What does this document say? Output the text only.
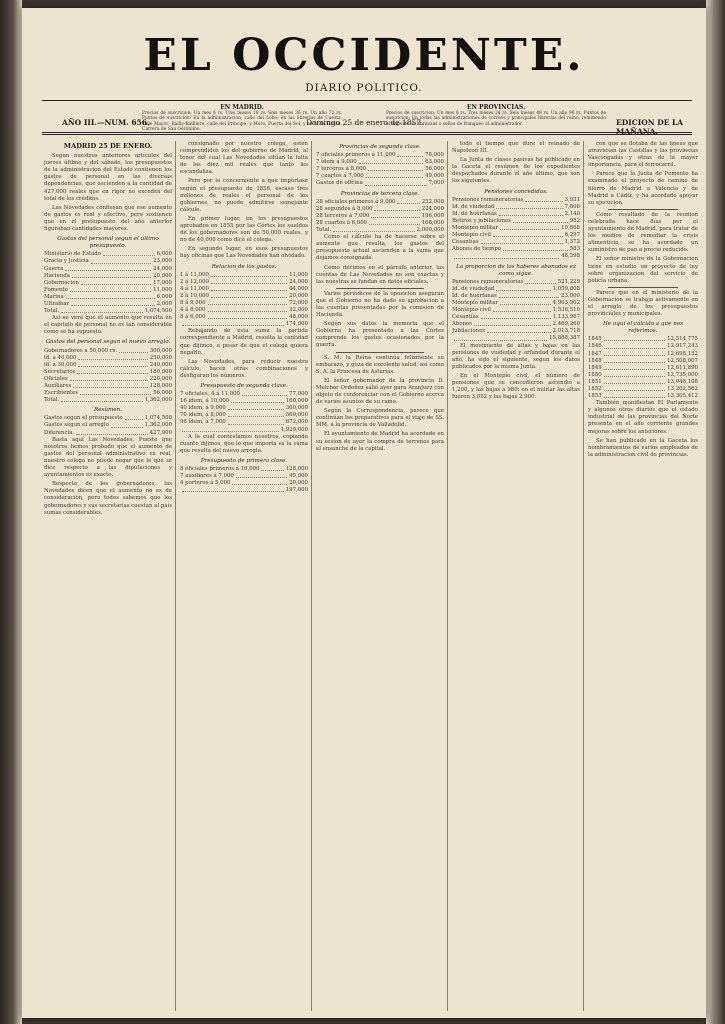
EL OCCIDENTE.
DIARIO POLITICO.
EN MADRID.
Precios de suscricion: Un mes 6 rs. Tres meses 18 rs. Seis meses 36 rs. Un año 72 rs. Puntos de suscricion: En la administracion, calle del Lobo; en las librerías de Cuesta, calle Mayor; Bailly-Bailliere, calle del Principe; y Moro, Puerta del Sol; y en la de Durán, Carrera de San Gerónimo.
EN PROVINCIAS.
Precios de suscricion: Un mes 8 rs. Tres meses 24 rs. Seis meses 48 rs. Un año 96 rs. Puntos de suscricion: En todas las administraciones de correos y principales librerías del reino, remitiendo el importe en libranzas o sellos de franqueo al administrador.
AÑO III.—NUM. 656.	Domingo 25 de enero de 1857.	EDICION DE LA MAÑANA.
MADRID 25 DE ENERO.

Segun nuestros anteriores artículos del jueves último y del sábado, los presupuestos de la administracion del Estado contienen los gastos de personal en las diversas dependencias, que ascienden a la cantidad de 427,000 reales que en rigor no exceden del total de los créditos.

Las Novedades confiesan que ese aumento de gastos es real y efectivo, pero sostienen que en el presupuesto del año anterior figuraban cantidades mayores.

Gastos del personal segun el último presupuesto.
Ministerio de Estado	6,000
Gracia y Justicia	23,000
Guerra	24,000
Hacienda	20,000
Gobernacion	17,000
Fomento	11,000
Marina	6,000
Ultramar	2,000
Total.	1,074,500

Así se verá que el aumento que resulta en el capítulo de personal no es tan considerable como se ha supuesto.

Gastos del personal segun el nuevo arreglo.
Gobernadores a 50,000 rs.	300,000
id. a 40,000	250,000
id. a 30,000	240,000
Secretarios	180,000
Oficiales	220,000
Auxiliares	128,000
Escribientes	56,000
Total.	1,362,000
Resúmen.
Gastos segun el presupuesto	1,074,500
Gastos segun el arreglo	1,362,000
Diferencia.	427,000

Basta aquí Las Novedades. Puesto que nosotros hemos probado que el aumento de gastos del personal administrativo es real, nuestro colega no puede negar que lo que se dice respecto a las diputaciones y ayuntamientos es exacto.

Respecto de los gobernadores, las Novedades dicen que el aumento no es de consideracion, pero todos sabemos que los gobernadores y sus secretarías cuestan al país sumas considerables.

consignado por nuestro colega, estén comprendidos los del gobierno de Madrid, al tenor del cual Las Novedades sitúan la falta de los diez mil reales que tanto les escandaliza.

Pero por lo concerniente a que importase según el presupuesto de 1856, escaso tres millones de reales el personal de los gobiernos, no puede admitirse semejante cálculo.

En primer lugar, en los presupuestos aprobados en 1855 por las Córtes los sueldos de los gobernadores son de 50,000 reales, y no de 40,000 como dice el colega.

En segundo lugar, en esos presupuestos hay oficinas que Las Novedades han olvidado.

Relacion de los gastos.
1 á 11,000	11,000
2 á 12,000	24,000
4 á 11,000	44,000
2 á 10,000	20,000
8 á 9,000	72,000
4 á 8,000	32,000
8 á 6,000	48,000
174,000

Rebajando de esta suma la partida correspondiente a Madrid, resulta la cantidad que dijimos, a pesar de que el colega quiera negarlo.

Las Novedades, para reducir nuestro cálculo, hacen otras combinaciones y desfiguran los números.

Presupuesto de segunda clase.
7 oficiales, 4 á 11,000	77,000
16 idem, á 10,000	160,000
40 idem, á 9,000	360,000
70 idem, á 8,000	560,000
96 idem, á 7,000	672,000
1,929,000

A lo cual contestamos nosotros, copiando cuanto dijimos, que lo que importa es la suma que resulta del nuevo arreglo.

Presupuesto de primera clase.
8 oficiales primeros á 16,000	128,000
7 auxiliares á 7,000	49,000
4 porteros á 5,000	20,000
197,000
Provincias de segunda clase.
7 oficiales primeros á 11,000	78,000
7 ídem á 9,000	63,000
7 terceros á 8,000	56,000
7 cuartos á 7,000	49,000
Gastos de oficina	7,000
Provincias de tercera clase.
28 oficiales primeros á 9,000	252,000
28 segundos á 8,000	224,000
28 terceros á 7,000	196,000
28 cuartos á 6,000	168,000
Total.	2,000,000

Como el cálculo ha de hacerse sobre el aumento que resulta, los gastos del presupuesto actual ascienden a la suma que dejamos consignada.

Como decimos en el párrafo anterior, las cuentas de Las Novedades no son exactas y las nuestras se fundan en datos oficiales.

Varios periódicos de la oposicion aseguran que el Gobierno no ha dado su aprobacion a las cuentas presentadas por la comision de Hacienda.

Según sus datos la memoria que el Gobierno ha presentado a las Córtes comprende los gastos ocasionados por la guerra.

S. M. la Reina continúa felizmente su embarazo, y goza de excelente salud, así como S. A. la Princesa de Asturias.

El señor gobernador de la provincia D. Melchor Ordoñez salió ayer para Aranjuez con objeto de conferenciar con el Gobierno acerca de varios asuntos de su ramo.

Según la Correspondencia, parece que continúan los preparativos para el viaje de SS. MM. a la provincia de Valladolid.

El ayuntamiento de Madrid ha acordado en su sesion de ayer la compra de terrenos para el ensanche de la capital.

todo el tiempo que dure el reinado de Napoleon III.

La Junta de clases pasivas ha publicado en la Gaceta el resúmen de los expedientes despachados durante el año último, que son los siguientes.

Pensiones concedidas.
Pensiones remuneratorias	3,031
Id. de viudedad	7,606
Id. de huérfanas	2,140
Retiros y jubilaciones	982
Montepío militar	10,868
Montepío civil	6,297
Cesantías	1,372
Abonos de tiempo	583
48,598
La proporcion de los haberes abonados es como sigue.
Pensiones remuneratorias	521,229
Id. de viudedad	1,059,808
Id. de huérfanas	23,000
Montepío militar	4,903,902
Montepío civil	1,536,510
Cesantías	1,133,967
Abonos	2,469,260
Jubilaciones	2,013,718
15,888,387

El movimiento de altas y bajas en las pensiones de viudedad y orfandad durante el año, ha sido el siguiente, segun los datos publicados por la misma Junta.

En el Montepío civil, el número de pensiones que se concedieron ascendió a 1,200, y las bajas a 980; en el militar las altas fueron 3,052 y las bajas 2,900.

con que se dotaba de las líneas que atraviesan las Castillas y las provincias Vascongadas y otras de la mayor importancia, para el ferrocarril.

Parece que la Junta de Fomento ha examinado el proyecto de camino de hierro de Madrid a Valencia y de Madrid a Cádiz, y ha acordado apoyar su ejecucion.

Como resultado de la reunion celebrada hace días por el ayuntamiento de Madrid, para tratar de los medios de remediar la crisis alimenticia, se ha acordado un suministro de pan a precio reducido.

El señor ministro de la Gobernacion tiene en estudio un proyecto de ley sobre organizacion del servicio de policía urbana.

Parece que en el ministerio de la Gobernacion se trabaja activamente en el arreglo de los presupuestos provinciales y municipales.

He aquí el cálculo a que nos referimos.
1845	12,514,775
1846	12,917,243
1847	12,698,152
1848	12,508,007
1849	12,611,890
1850	12,735,000
1851	13,048,108
1852	13,202,562
1853	13,305,412

También manifiestan El Parlamento y algunos otros diarios que el estado industrial de las provincias del Norte presenta en el año corriente grandes mejoras sobre los anteriores.

Se han publicado en la Gaceta los nombramientos de varios empleados de la administracion civil de provincias.
